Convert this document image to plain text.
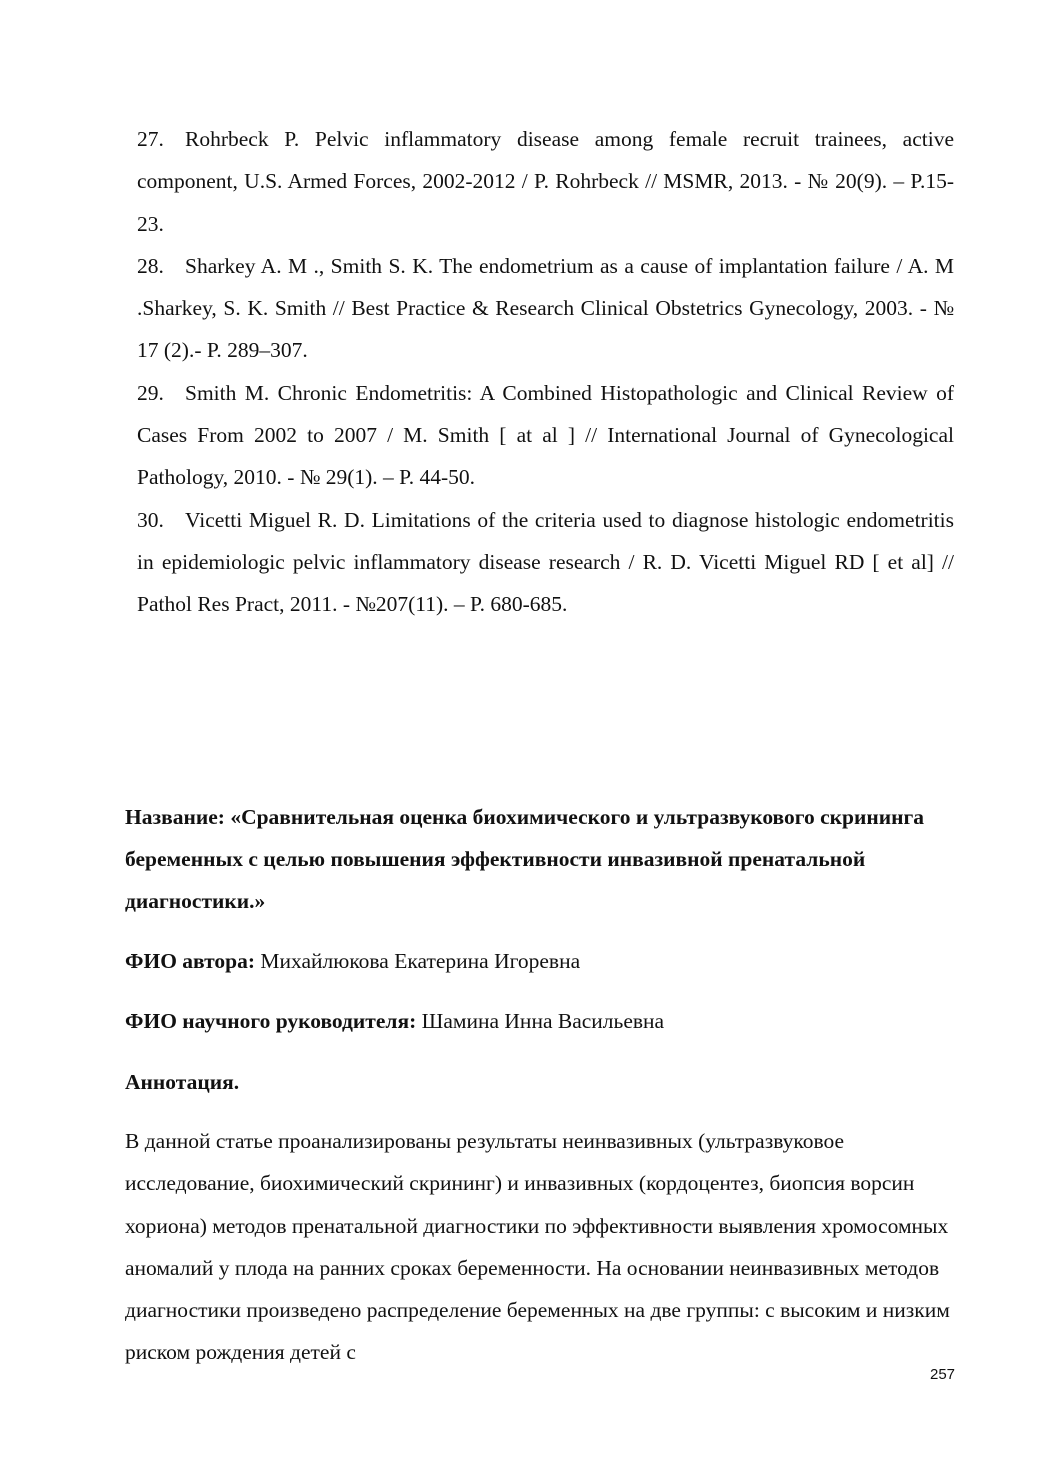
27. Rohrbeck P. Pelvic inflammatory disease among female recruit trainees, active component, U.S. Armed Forces, 2002-2012 / P. Rohrbeck // MSMR, 2013. - № 20(9). – P.15-23.
28. Sharkey A. M ., Smith S. K. The endometrium as a cause of implantation failure / A. M .Sharkey, S. K. Smith // Best Practice & Research Clinical Obstetrics Gynecology, 2003. - № 17 (2).- P. 289–307.
29. Smith M. Chronic Endometritis: A Combined Histopathologic and Clinical Review of Cases From 2002 to 2007 / M. Smith [ at al ] // International Journal of Gynecological Pathology, 2010. - № 29(1). – P. 44-50.
30. Vicetti Miguel R. D. Limitations of the criteria used to diagnose histologic endometritis in epidemiologic pelvic inflammatory disease research / R. D. Vicetti Miguel RD [ et al] // Pathol Res Pract, 2011. - №207(11). – P. 680-685.
Название: «Сравнительная оценка биохимического и ультразвукового скрининга беременных с целью повышения эффективности инвазивной пренатальной диагностики.»
ФИО автора: Михайлюкова Екатерина Игоревна
ФИО научного руководителя: Шамина Инна Васильевна
Аннотация.
В данной статье проанализированы результаты неинвазивных (ультразвуковое исследование, биохимический скрининг) и инвазивных (кордоцентез, биопсия ворсин хориона) методов пренатальной диагностики по эффективности выявления хромосомных аномалий у плода на ранних сроках беременности. На основании неинвазивных методов диагностики произведено распределение беременных на две группы: с высоким и низким риском рождения детей с
257
